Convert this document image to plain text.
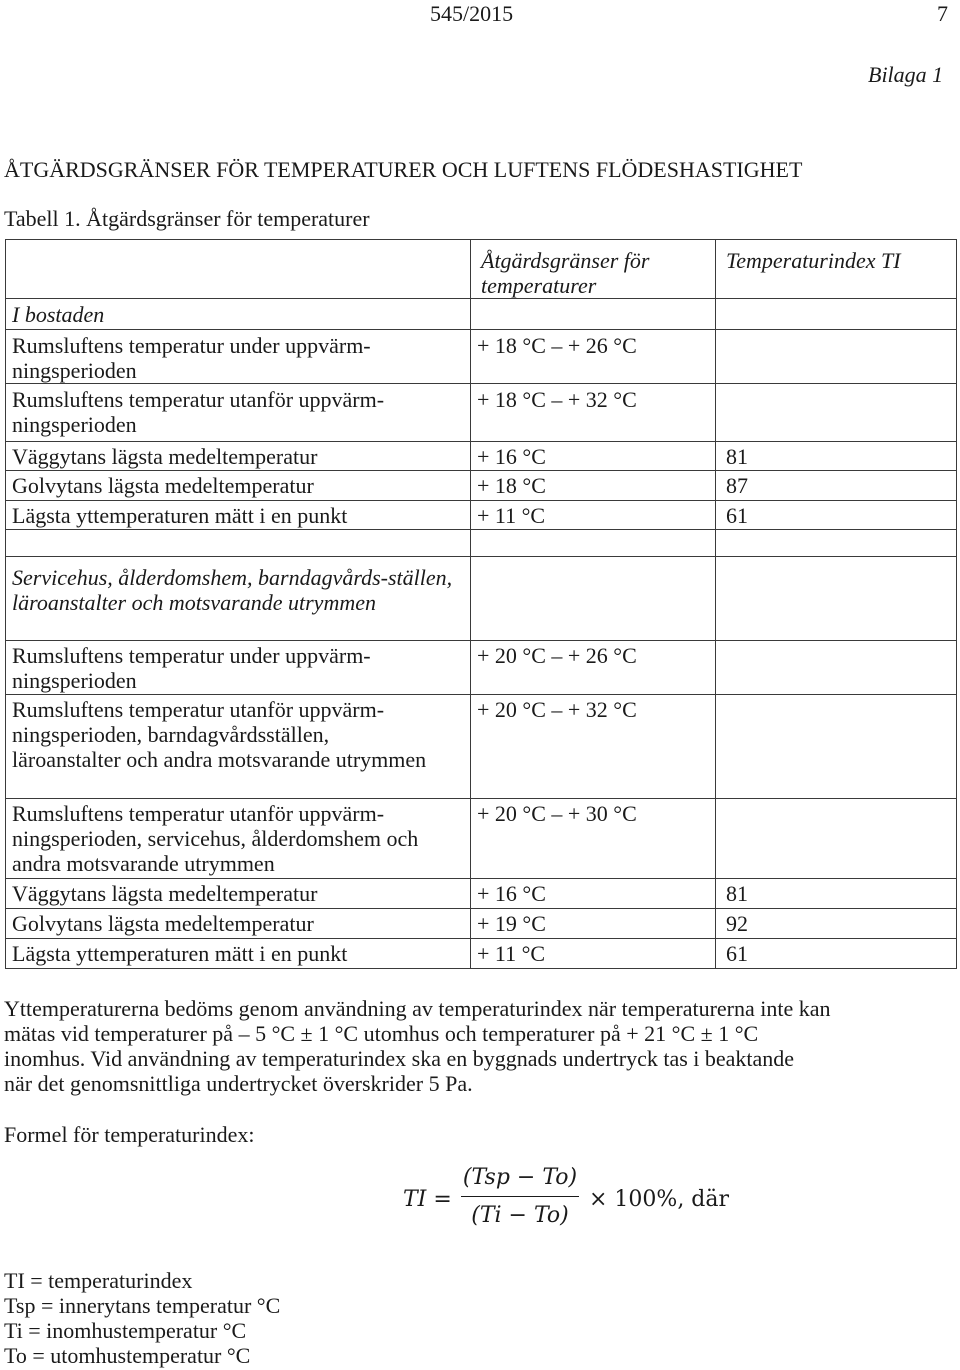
545/2015	7
Bilaga 1
ÅTGÄRDSGRÄNSER FÖR TEMPERATURER OCH LUFTENS FLÖDESHASTIGHET
Tabell 1. Åtgärdsgränser för temperaturer
	Åtgärdsgränser för temperaturer	Temperaturindex TI
I bostaden		
Rumsluftens temperatur under uppvärm-ningsperioden	+ 18 °C – + 26 °C	
Rumsluftens temperatur utanför uppvärm-ningsperioden	+ 18 °C – + 32 °C	
Väggytans lägsta medeltemperatur	+ 16 °C	81
Golvytans lägsta medeltemperatur	+ 18 °C	87
Lägsta yttemperaturen mätt i en punkt	+ 11 °C	61

Servicehus, ålderdomshem, barndagvårds-ställen, läroanstalter och motsvarande utrymmen		
Rumsluftens temperatur under uppvärm-ningsperioden	+ 20 °C – + 26 °C	
Rumsluftens temperatur utanför uppvärm-ningsperioden, barndagvårdsställen, läroanstalter och andra motsvarande utrymmen	+ 20 °C – + 32 °C	
Rumsluftens temperatur utanför uppvärm-ningsperioden, servicehus, ålderdomshem och andra motsvarande utrymmen	+ 20 °C – + 30 °C	
Väggytans lägsta medeltemperatur	+ 16 °C	81
Golvytans lägsta medeltemperatur	+ 19 °C	92
Lägsta yttemperaturen mätt i en punkt	+ 11 °C	61
Yttemperaturerna bedöms genom användning av temperaturindex när temperaturerna inte kan
mätas vid temperaturer på – 5 °C ± 1 °C utomhus och temperaturer på + 21 °C ± 1 °C
inomhus. Vid användning av temperaturindex ska en byggnads undertryck tas i beaktande
när det genomsnittliga undertrycket överskrider 5 Pa.
Formel för temperaturindex:
TI =
(Tsp − To)
(Ti − To)
× 100%, där
TI = temperaturindex
Tsp = innerytans temperatur °C
Ti = inomhustemperatur °C
To = utomhustemperatur °C
